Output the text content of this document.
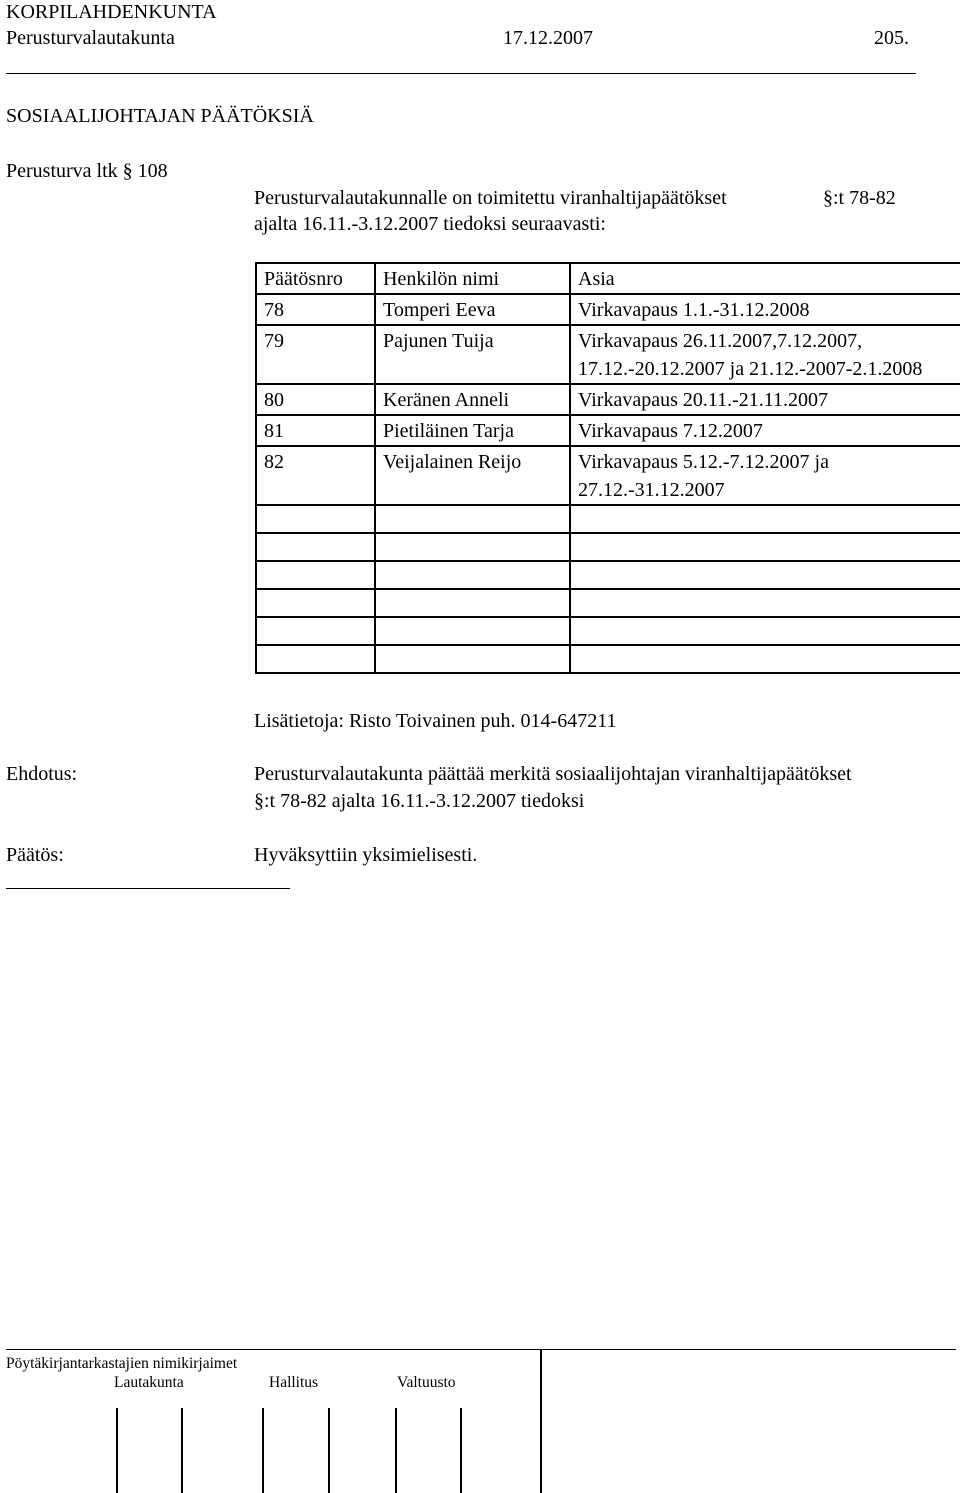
KORPILAHDENKUNTA
Perusturvalautakunta	17.12.2007	205.
SOSIAALIJOHTAJAN PÄÄTÖKSIÄ
Perusturva ltk § 108
Perusturvalautakunnalle on toimitettu viranhaltijapäätökset	§:t 78-82
ajalta 16.11.-3.12.2007 tiedoksi seuraavasti:
Päätösnro	Henkilön nimi	Asia
78	Tomperi Eeva	Virkavapaus 1.1.-31.12.2008
79	Pajunen Tuija	Virkavapaus 26.11.2007,7.12.2007, 17.12.-20.12.2007 ja 21.12.-2007-2.1.2008
80	Keränen Anneli	Virkavapaus 20.11.-21.11.2007
81	Pietiläinen Tarja	Virkavapaus 7.12.2007
82	Veijalainen Reijo	Virkavapaus 5.12.-7.12.2007 ja 27.12.-31.12.2007

Lisätietoja: Risto Toivainen puh. 014-647211
Ehdotus:	Perusturvalautakunta päättää merkitä sosiaalijohtajan viranhaltijapäätökset
§:t 78-82 ajalta 16.11.-3.12.2007 tiedoksi
Päätös:	Hyväksyttiin yksimielisesti.
Pöytäkirjantarkastajien nimikirjaimet
Lautakunta	Hallitus	Valtuusto
